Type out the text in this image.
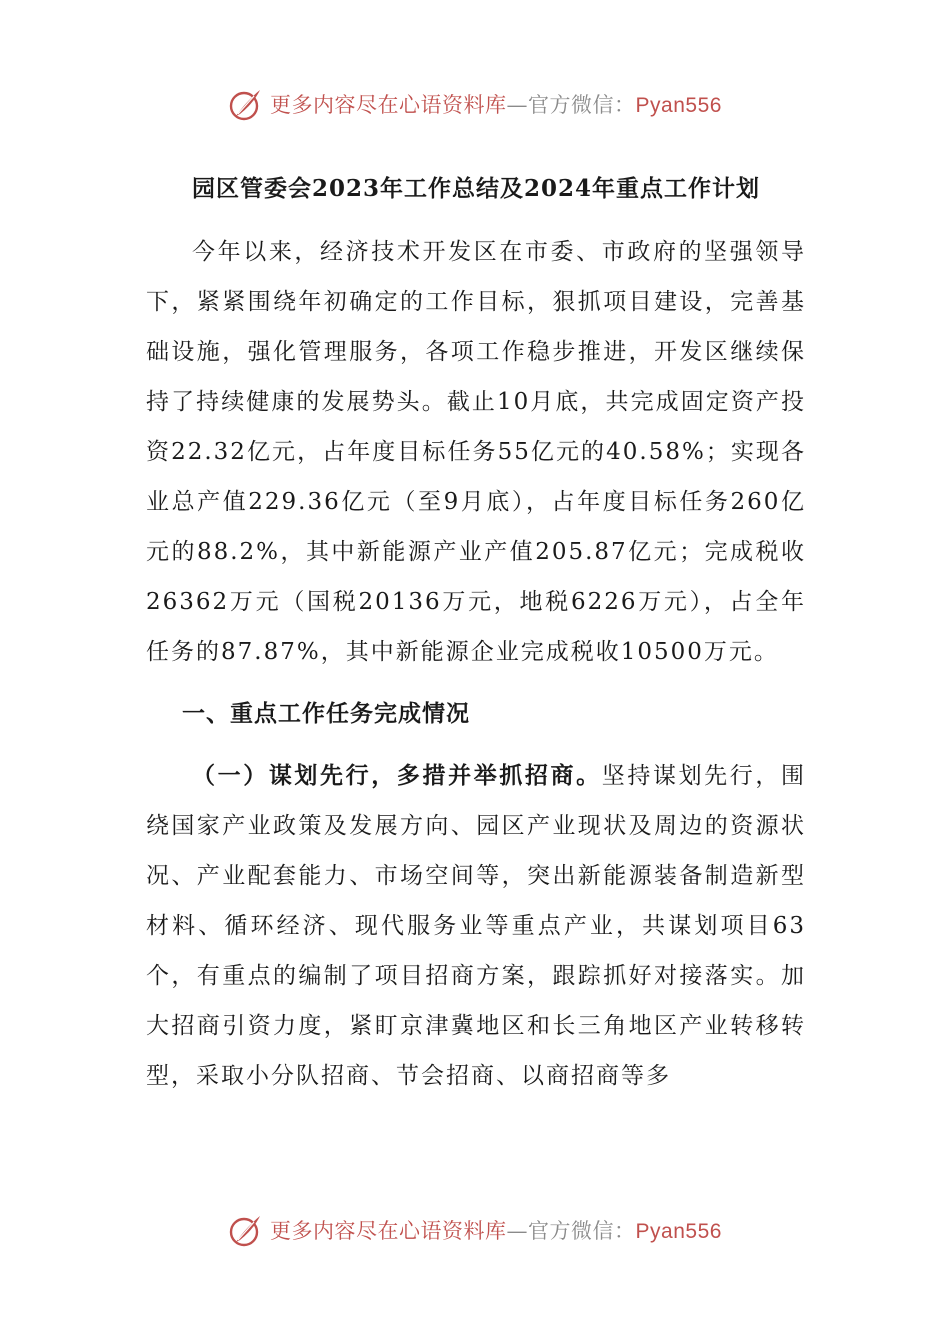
更多内容尽在心语资料库—官方微信：Pyan556
园区管委会2023年工作总结及2024年重点工作计划

今年以来，经济技术开发区在市委、市政府的坚强领导下，紧紧围绕年初确定的工作目标，狠抓项目建设，完善基础设施，强化管理服务，各项工作稳步推进，开发区继续保持了持续健康的发展势头。截止10月底，共完成固定资产投资22.32亿元，占年度目标任务55亿元的40.58%；实现各业总产值229.36亿元（至9月底），占年度目标任务260亿元的88.2%，其中新能源产业产值205.87亿元；完成税收26362万元（国税20136万元，地税6226万元），占全年任务的87.87%，其中新能源企业完成税收10500万元。

一、重点工作任务完成情况

（一）谋划先行，多措并举抓招商。坚持谋划先行，围绕国家产业政策及发展方向、园区产业现状及周边的资源状况、产业配套能力、市场空间等，突出新能源装备制造新型材料、循环经济、现代服务业等重点产业，共谋划项目63个，有重点的编制了项目招商方案，跟踪抓好对接落实。加大招商引资力度，紧盯京津冀地区和长三角地区产业转移转型，采取小分队招商、节会招商、以商招商等多

更多内容尽在心语资料库—官方微信：Pyan556
